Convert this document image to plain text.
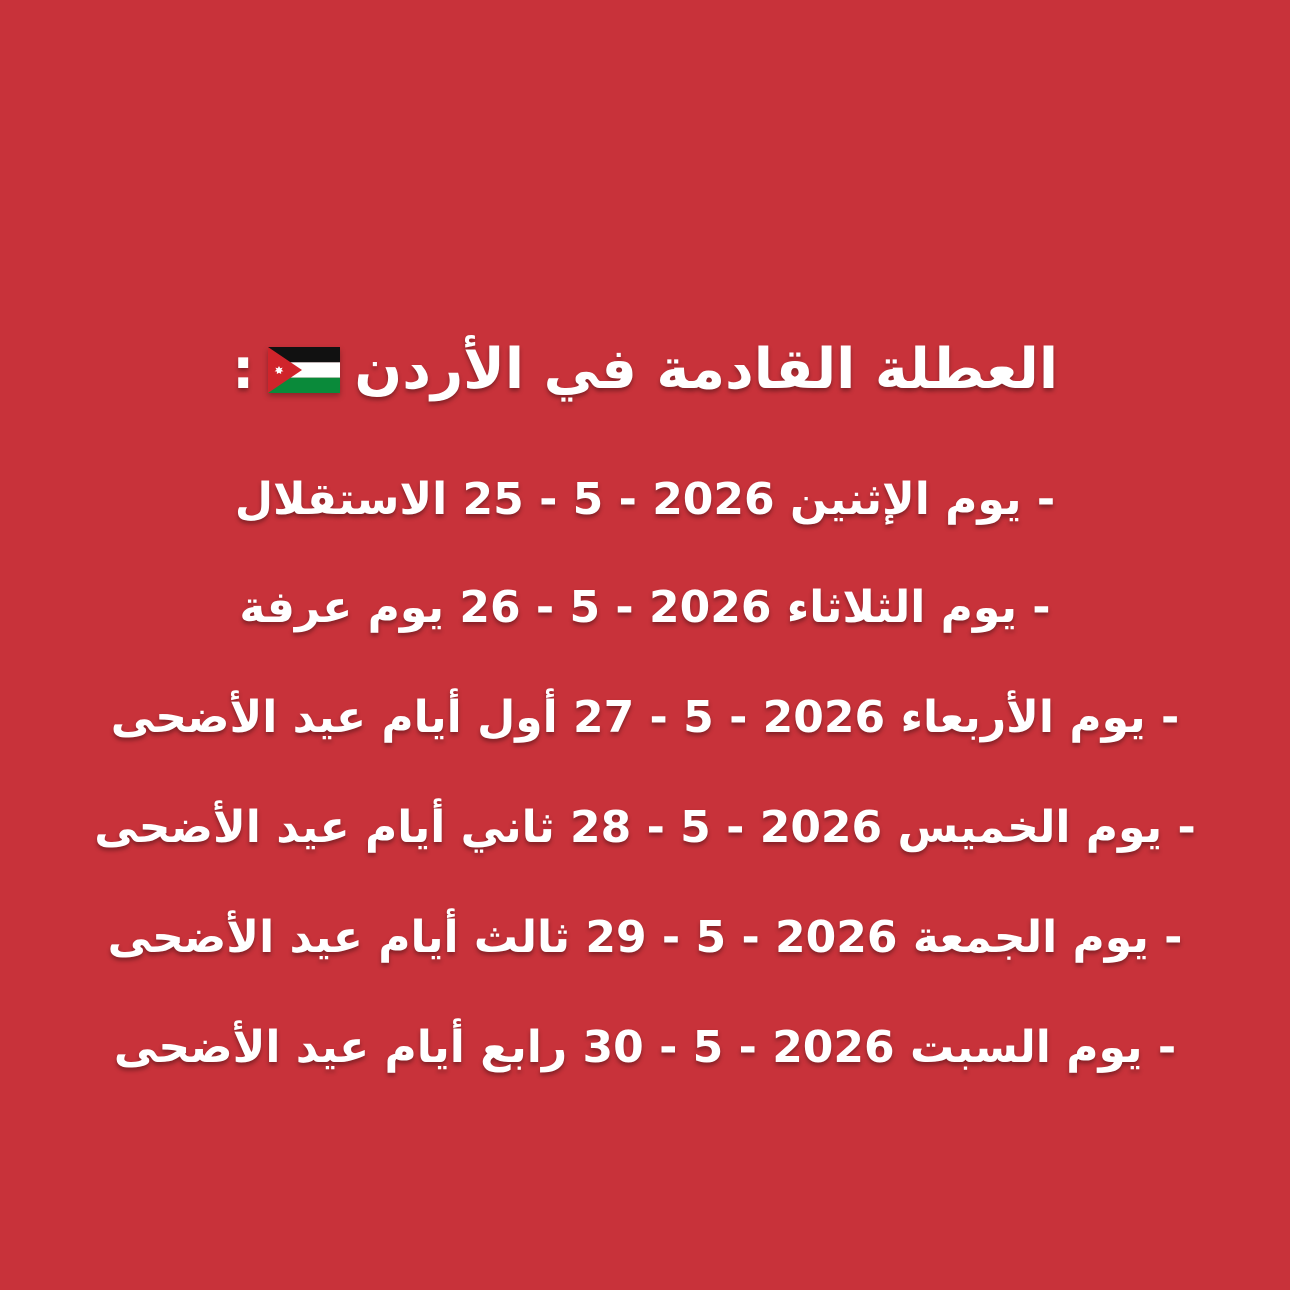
العطلة القادمة في الأردن
:
- يوم الإثنين 2026 - 5 - 25 الاستقلال
- يوم الثلاثاء 2026 - 5 - 26 يوم عرفة
- يوم الأربعاء 2026 - 5 - 27 أول أيام عيد الأضحى
- يوم الخميس 2026 - 5 - 28 ثاني أيام عيد الأضحى
- يوم الجمعة 2026 - 5 - 29 ثالث أيام عيد الأضحى
- يوم السبت 2026 - 5 - 30 رابع أيام عيد الأضحى
